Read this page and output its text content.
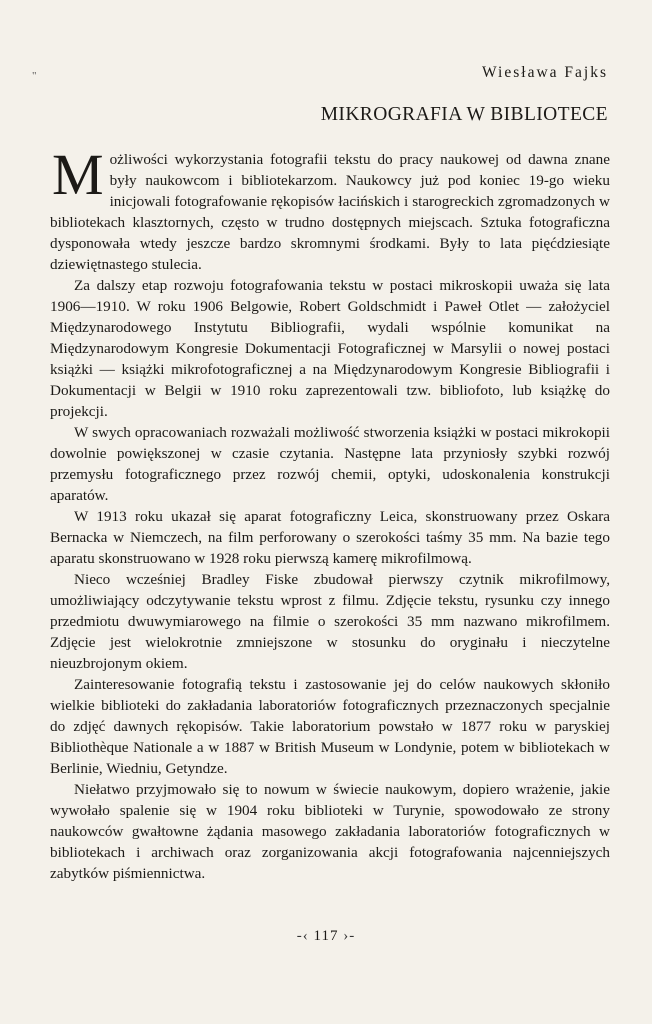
"	Wiesława Fajks
MIKROGRAFIA W BIBLIOTECE

Możliwości wykorzystania fotografii tekstu do pracy naukowej od dawna znane były naukowcom i bibliotekarzom. Naukowcy już pod koniec 19-go wieku inicjowali fotografowanie rękopisów łacińskich i starogreckich zgromadzonych w bibliotekach klasztornych, często w trudno dostępnych miejscach. Sztuka fotograficzna dysponowała wtedy jeszcze bardzo skromnymi środkami. Były to lata pięćdziesiąte dziewiętnastego stulecia.

Za dalszy etap rozwoju fotografowania tekstu w postaci mikroskopii uważa się lata 1906—1910. W roku 1906 Belgowie, Robert Goldschmidt i Paweł Otlet — założyciel Międzynarodowego Instytutu Bibliografii, wydali wspólnie komunikat na Międzynarodowym Kongresie Dokumentacji Fotograficznej w Marsylii o nowej postaci książki — książki mikrofotograficznej a na Międzynarodowym Kongresie Bibliografii i Dokumentacji w Belgii w 1910 roku zaprezentowali tzw. bibliofoto, lub książkę do projekcji.

W swych opracowaniach rozważali możliwość stworzenia książki w postaci mikrokopii dowolnie powiększonej w czasie czytania. Następne lata przyniosły szybki rozwój przemysłu fotograficznego przez rozwój chemii, optyki, udoskonalenia konstrukcji aparatów.

W 1913 roku ukazał się aparat fotograficzny Leica, skonstruowany przez Oskara Bernacka w Niemczech, na film perforowany o szerokości taśmy 35 mm. Na bazie tego aparatu skonstruowano w 1928 roku pierwszą kamerę mikrofilmową.

Nieco wcześniej Bradley Fiske zbudował pierwszy czytnik mikrofilmowy, umożliwiający odczytywanie tekstu wprost z filmu. Zdjęcie tekstu, rysunku czy innego przedmiotu dwuwymiarowego na filmie o szerokości 35 mm nazwano mikrofilmem. Zdjęcie jest wielokrotnie zmniejszone w stosunku do oryginału i nieczytelne nieuzbrojonym okiem.

Zainteresowanie fotografią tekstu i zastosowanie jej do celów naukowych skłoniło wielkie biblioteki do zakładania laboratoriów fotograficznych przeznaczonych specjalnie do zdjęć dawnych rękopisów. Takie laboratorium powstało w 1877 roku w paryskiej Bibliothèque Nationale a w 1887 w British Museum w Londynie, potem w bibliotekach w Berlinie, Wiedniu, Getyndze.

Niełatwo przyjmowało się to nowum w świecie naukowym, dopiero wrażenie, jakie wywołało spalenie się w 1904 roku biblioteki w Turynie, spowodowało ze strony naukowców gwałtowne żądania masowego zakładania laboratoriów fotograficznych w bibliotekach i archiwach oraz zorganizowania akcji fotografowania najcenniejszych zabytków piśmiennictwa.

-‹ 117 ›-
